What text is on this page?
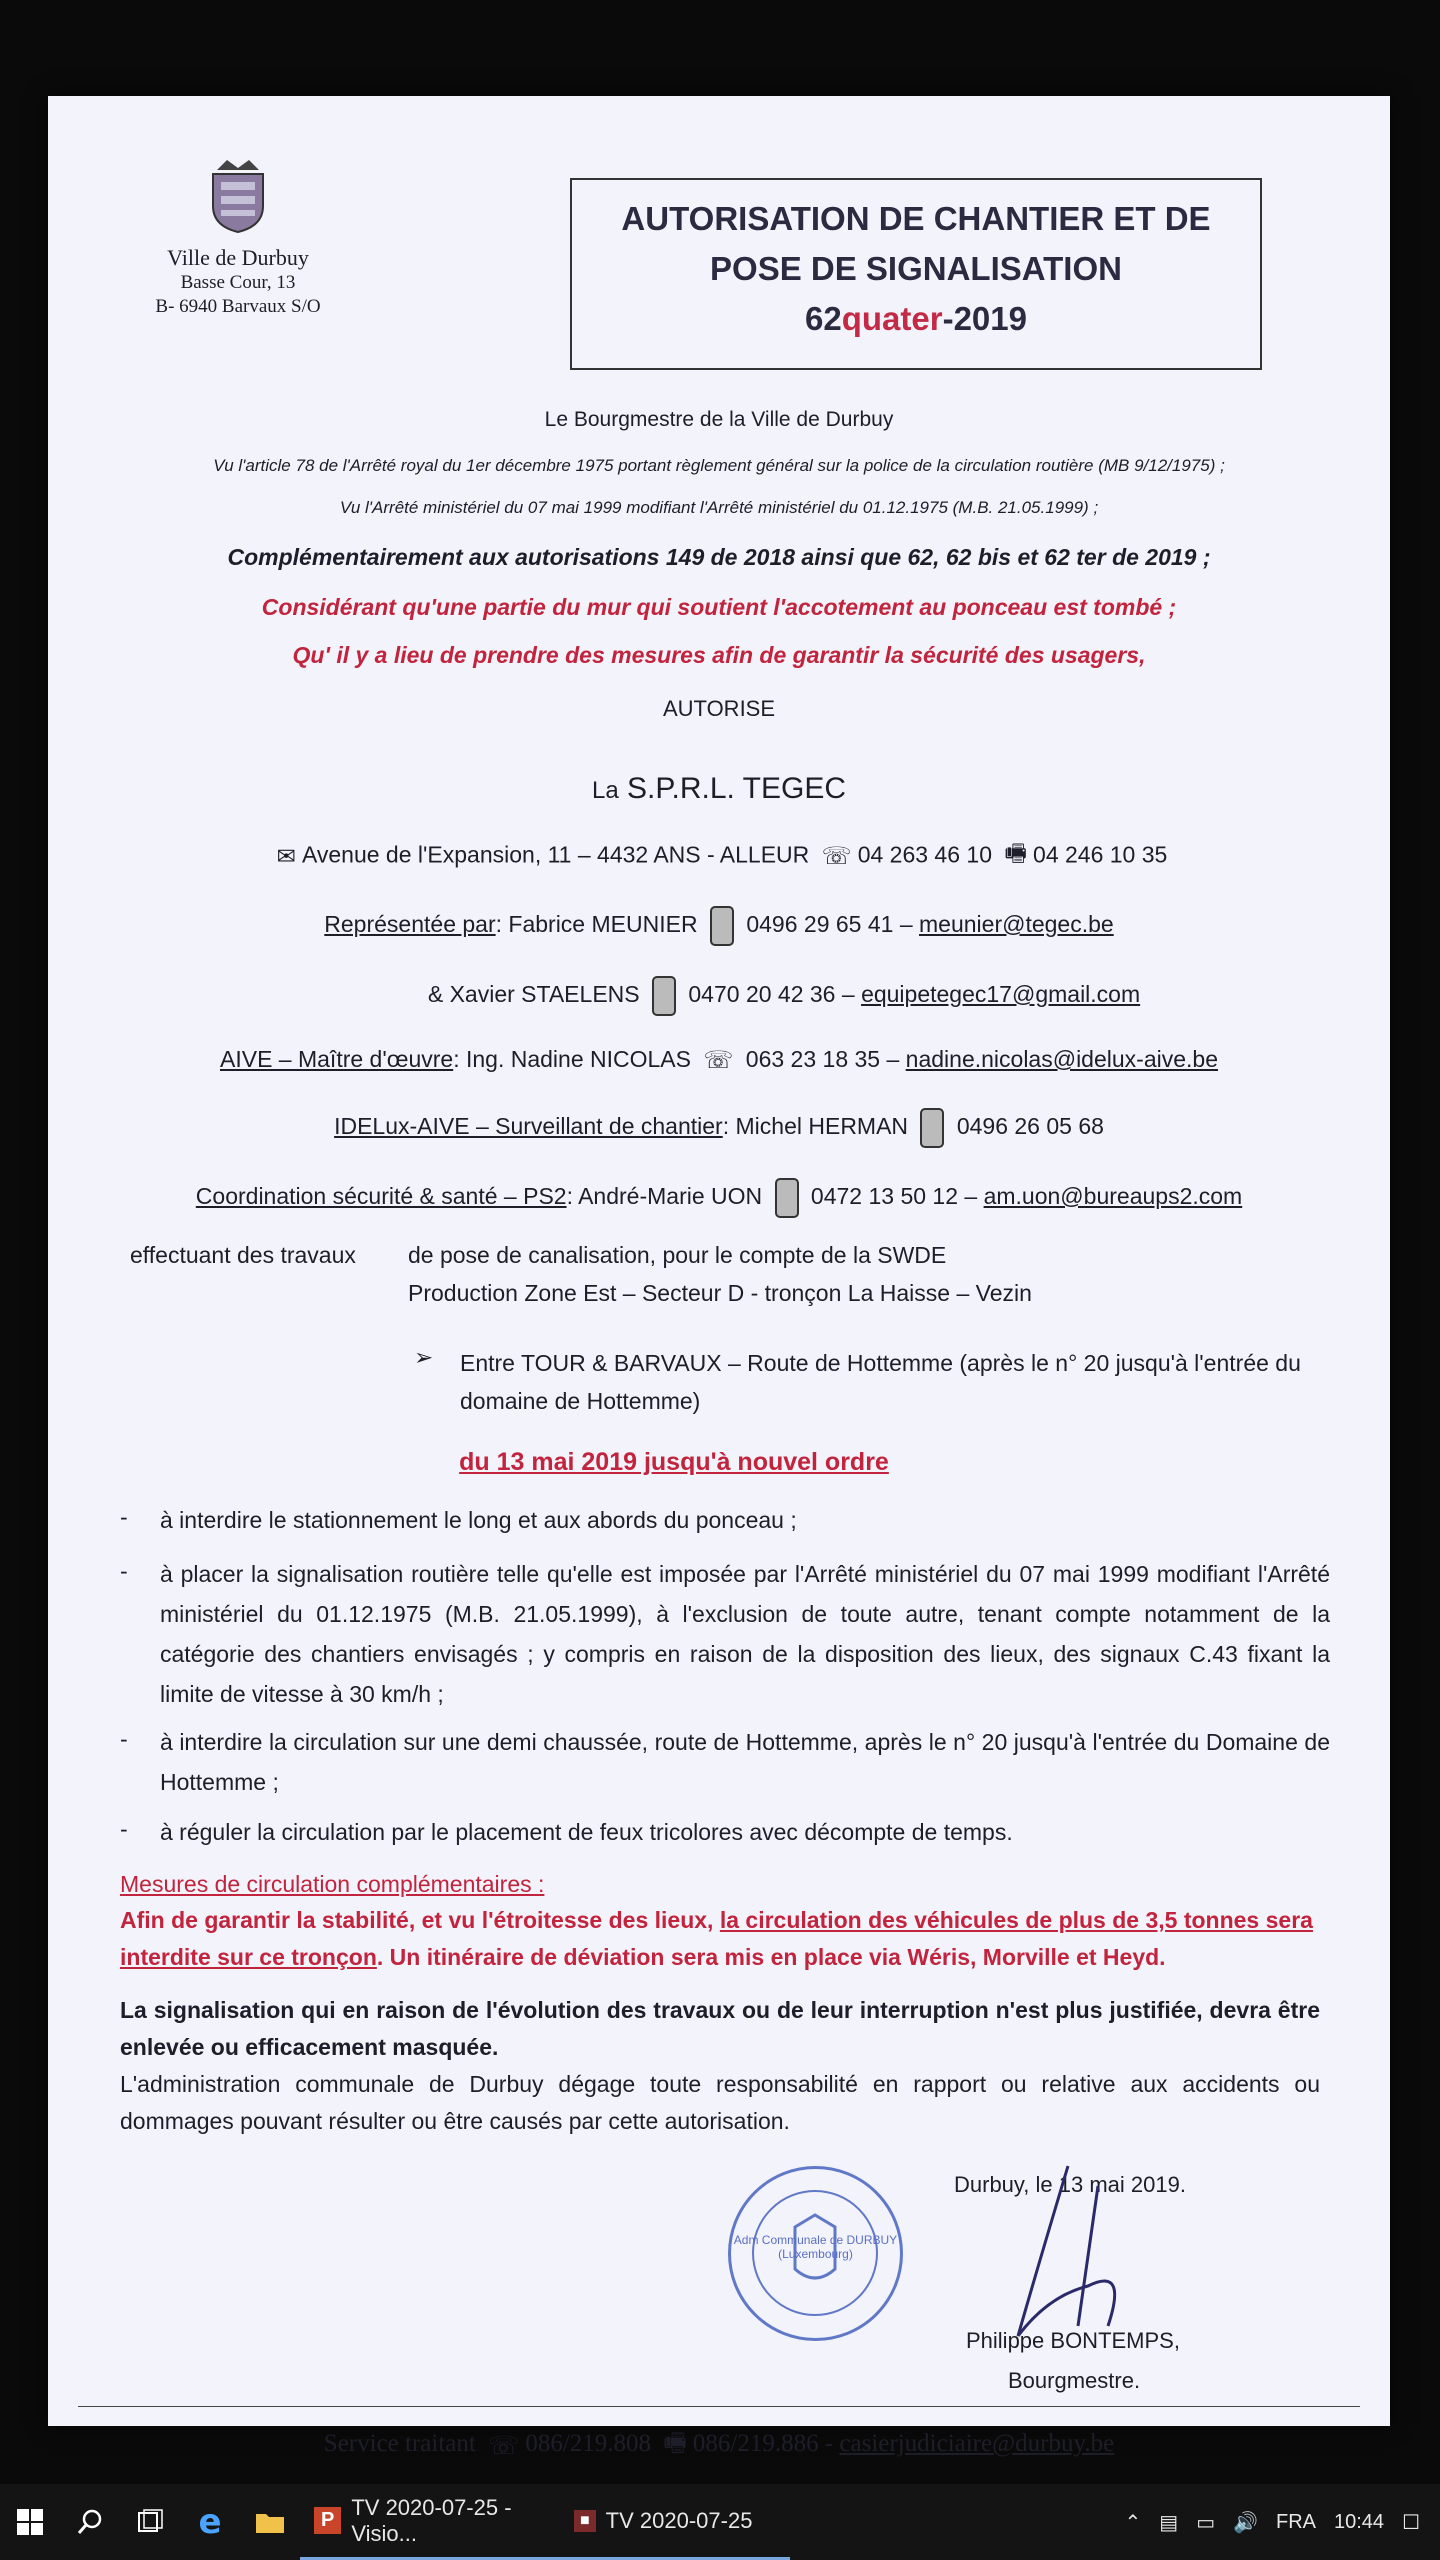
Ville de Durbuy
Basse Cour, 13
B- 6940 Barvaux S/O
AUTORISATION DE CHANTIER ET DE
POSE DE SIGNALISATION
62quater-2019
Le Bourgmestre de la Ville de Durbuy
Vu l'article 78 de l'Arrêté royal du 1er décembre 1975 portant règlement général sur la police de la circulation routière (MB 9/12/1975) ;
Vu l'Arrêté ministériel du 07 mai 1999 modifiant l'Arrêté ministériel du 01.12.1975 (M.B. 21.05.1999) ;
Complémentairement aux autorisations 149 de 2018 ainsi que 62, 62 bis et 62 ter de 2019 ;
Considérant qu'une partie du mur qui soutient l'accotement au ponceau est tombé ;
Qu' il y a lieu de prendre des mesures afin de garantir la sécurité des usagers,
AUTORISE
La S.P.R.L. TEGEC
✉ Avenue de l'Expansion, 11 – 4432 ANS - ALLEUR ☏ 04 263 46 10 🖷 04 246 10 35
Représentée par: Fabrice MEUNIER 0496 29 65 41 – meunier@tegec.be
& Xavier STAELENS 0470 20 42 36 – equipetegec17@gmail.com
AIVE – Maître d'œuvre: Ing. Nadine NICOLAS ☏ 063 23 18 35 – nadine.nicolas@idelux-aive.be
IDELux-AIVE – Surveillant de chantier: Michel HERMAN 0496 26 05 68
Coordination sécurité & santé – PS2: André-Marie UON 0472 13 50 12 – am.uon@bureaups2.com
effectuant des travaux de pose de canalisation, pour le compte de la SWDE
Production Zone Est – Secteur D - tronçon La Haisse – Vezin
➢ Entre TOUR & BARVAUX – Route de Hottemme (après le n° 20 jusqu'à l'entrée du domaine de Hottemme)
du 13 mai 2019 jusqu'à nouvel ordre
- à interdire le stationnement le long et aux abords du ponceau ;
- à placer la signalisation routière telle qu'elle est imposée par l'Arrêté ministériel du 07 mai 1999 modifiant l'Arrêté ministériel du 01.12.1975 (M.B. 21.05.1999), à l'exclusion de toute autre, tenant compte notamment de la catégorie des chantiers envisagés ; y compris en raison de la disposition des lieux, des signaux C.43 fixant la limite de vitesse à 30 km/h ;
- à interdire la circulation sur une demi chaussée, route de Hottemme, après le n° 20 jusqu'à l'entrée du Domaine de Hottemme ;
- à réguler la circulation par le placement de feux tricolores avec décompte de temps.
Mesures de circulation complémentaires :
Afin de garantir la stabilité, et vu l'étroitesse des lieux, la circulation des véhicules de plus de 3,5 tonnes sera interdite sur ce tronçon. Un itinéraire de déviation sera mis en place via Wéris, Morville et Heyd.
La signalisation qui en raison de l'évolution des travaux ou de leur interruption n'est plus justifiée, devra être enlevée ou efficacement masquée.
L'administration communale de Durbuy dégage toute responsabilité en rapport ou relative aux accidents ou dommages pouvant résulter ou être causés par cette autorisation.
Adm Communale de DURBUY (Luxembourg)
Durbuy, le 13 mai 2019.
Philippe BONTEMPS,
Bourgmestre.
Service traitant ☏ 086/219.808 🖷 086/219.886 - casierjudiciaire@durbuy.be
e	P
TV 2020-07-25 - Visio...
■ TV 2020-07-25	⌃ ▤ ▭ 🔊 FRA 10:44 ☐
